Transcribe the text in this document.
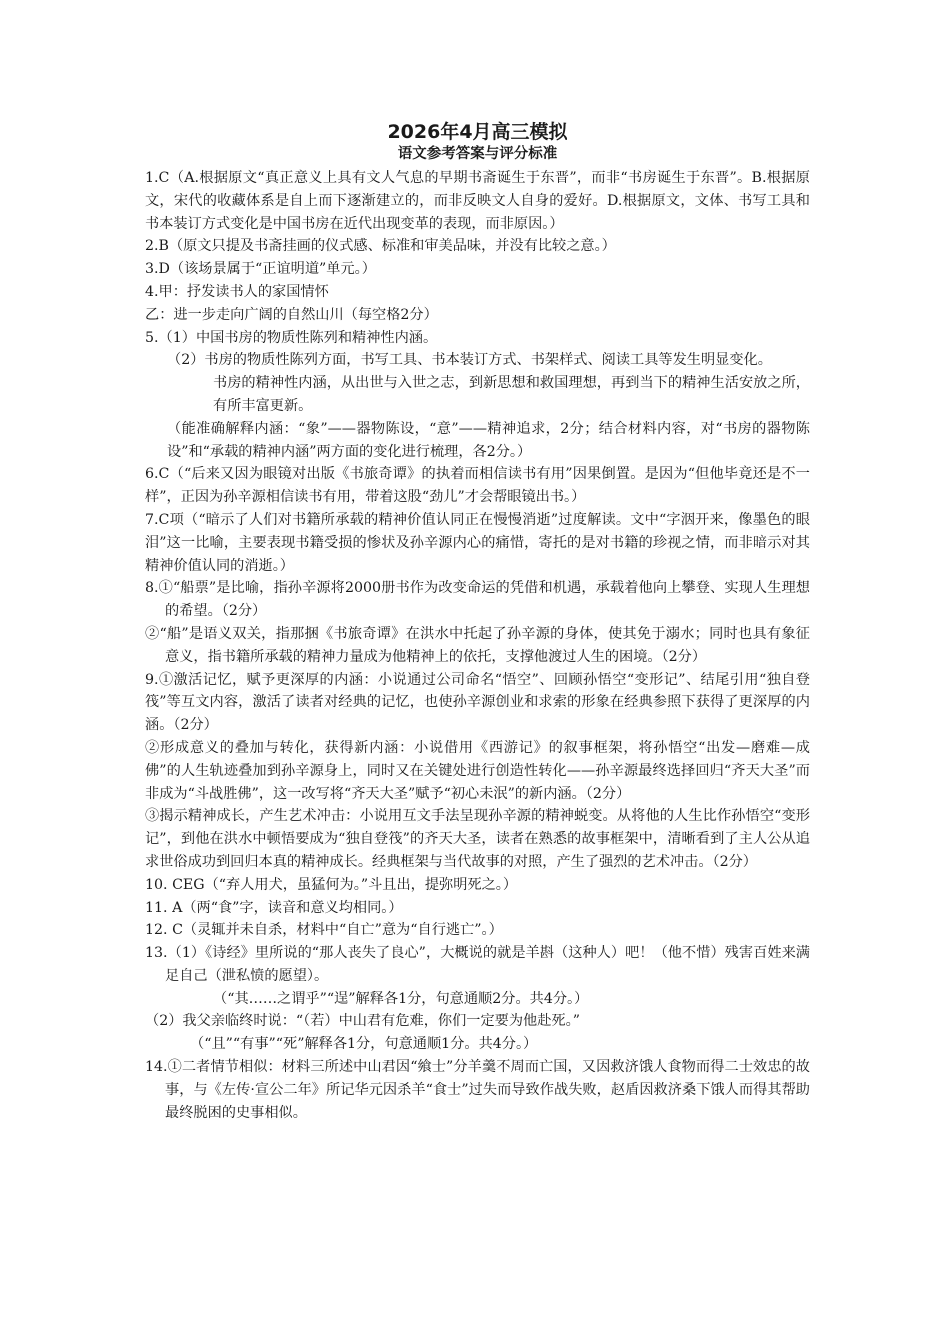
2026年4月高三模拟
语文参考答案与评分标准

1.C（A.根据原文“真正意义上具有文人气息的早期书斋诞生于东晋”，而非“书房诞生于东晋”。B.根据原文，宋代的收藏体系是自上而下逐渐建立的，而非反映文人自身的爱好。D.根据原文，文体、书写工具和书本装订方式变化是中国书房在近代出现变革的表现，而非原因。）

2.B（原文只提及书斋挂画的仪式感、标准和审美品味，并没有比较之意。）

3.D（该场景属于“正谊明道”单元。）

4.甲：抒发读书人的家国情怀

乙：进一步走向广阔的自然山川（每空格2分）

5.（1）中国书房的物质性陈列和精神性内涵。

（2）书房的物质性陈列方面，书写工具、书本装订方式、书架样式、阅读工具等发生明显变化。

书房的精神性内涵，从出世与入世之志，到新思想和救国理想，再到当下的精神生活安放之所，有所丰富更新。

（能准确解释内涵：“象”——器物陈设，“意”——精神追求，2分；结合材料内容，对“书房的器物陈设”和“承载的精神内涵”两方面的变化进行梳理，各2分。）

6.C（“后来又因为眼镜对出版《书旅奇谭》的执着而相信读书有用”因果倒置。是因为“但他毕竟还是不一样”，正因为孙辛源相信读书有用，带着这股“劲儿”才会帮眼镜出书。）

7.C项（“暗示了人们对书籍所承载的精神价值认同正在慢慢消逝”过度解读。文中“字洇开来，像墨色的眼泪”这一比喻，主要表现书籍受损的惨状及孙辛源内心的痛惜，寄托的是对书籍的珍视之情，而非暗示对其精神价值认同的消逝。）

8.①“船票”是比喻，指孙辛源将2000册书作为改变命运的凭借和机遇，承载着他向上攀登、实现人生理想的希望。（2分）

②“船”是语义双关，指那捆《书旅奇谭》在洪水中托起了孙辛源的身体，使其免于溺水；同时也具有象征意义，指书籍所承载的精神力量成为他精神上的依托，支撑他渡过人生的困境。（2分）

9.①激活记忆，赋予更深厚的内涵：小说通过公司命名“悟空”、回顾孙悟空“变形记”、结尾引用“独自登筏”等互文内容，激活了读者对经典的记忆，也使孙辛源创业和求索的形象在经典参照下获得了更深厚的内涵。（2分）

②形成意义的叠加与转化，获得新内涵：小说借用《西游记》的叙事框架，将孙悟空“出发—磨难—成佛”的人生轨迹叠加到孙辛源身上，同时又在关键处进行创造性转化——孙辛源最终选择回归“齐天大圣”而非成为“斗战胜佛”，这一改写将“齐天大圣”赋予“初心未泯”的新内涵。（2分）

③揭示精神成长，产生艺术冲击：小说用互文手法呈现孙辛源的精神蜕变。从将他的人生比作孙悟空“变形记”，到他在洪水中顿悟要成为“独自登筏”的齐天大圣，读者在熟悉的故事框架中，清晰看到了主人公从追求世俗成功到回归本真的精神成长。经典框架与当代故事的对照，产生了强烈的艺术冲击。（2分）

10. CEG（“弃人用犬，虽猛何为。”斗且出，提弥明死之。）

11. A（两“食”字，读音和意义均相同。）

12. C（灵辄并未自杀，材料中“自亡”意为“自行逃亡”。）

13.（1）《诗经》里所说的“那人丧失了良心”，大概说的就是羊斟（这种人）吧！（他不惜）残害百姓来满足自己（泄私愤的愿望）。

（“其……之谓乎”“逞”解释各1分，句意通顺2分。共4分。）

（2）我父亲临终时说：“（若）中山君有危难，你们一定要为他赴死。”

（“且”“有事”“死”解释各1分，句意通顺1分。共4分。）

14.①二者情节相似：材料三所述中山君因“飨士”分羊羹不周而亡国，又因救济饿人食物而得二士效忠的故事，与《左传·宣公二年》所记华元因杀羊“食士”过失而导致作战失败，赵盾因救济桑下饿人而得其帮助最终脱困的史事相似。
